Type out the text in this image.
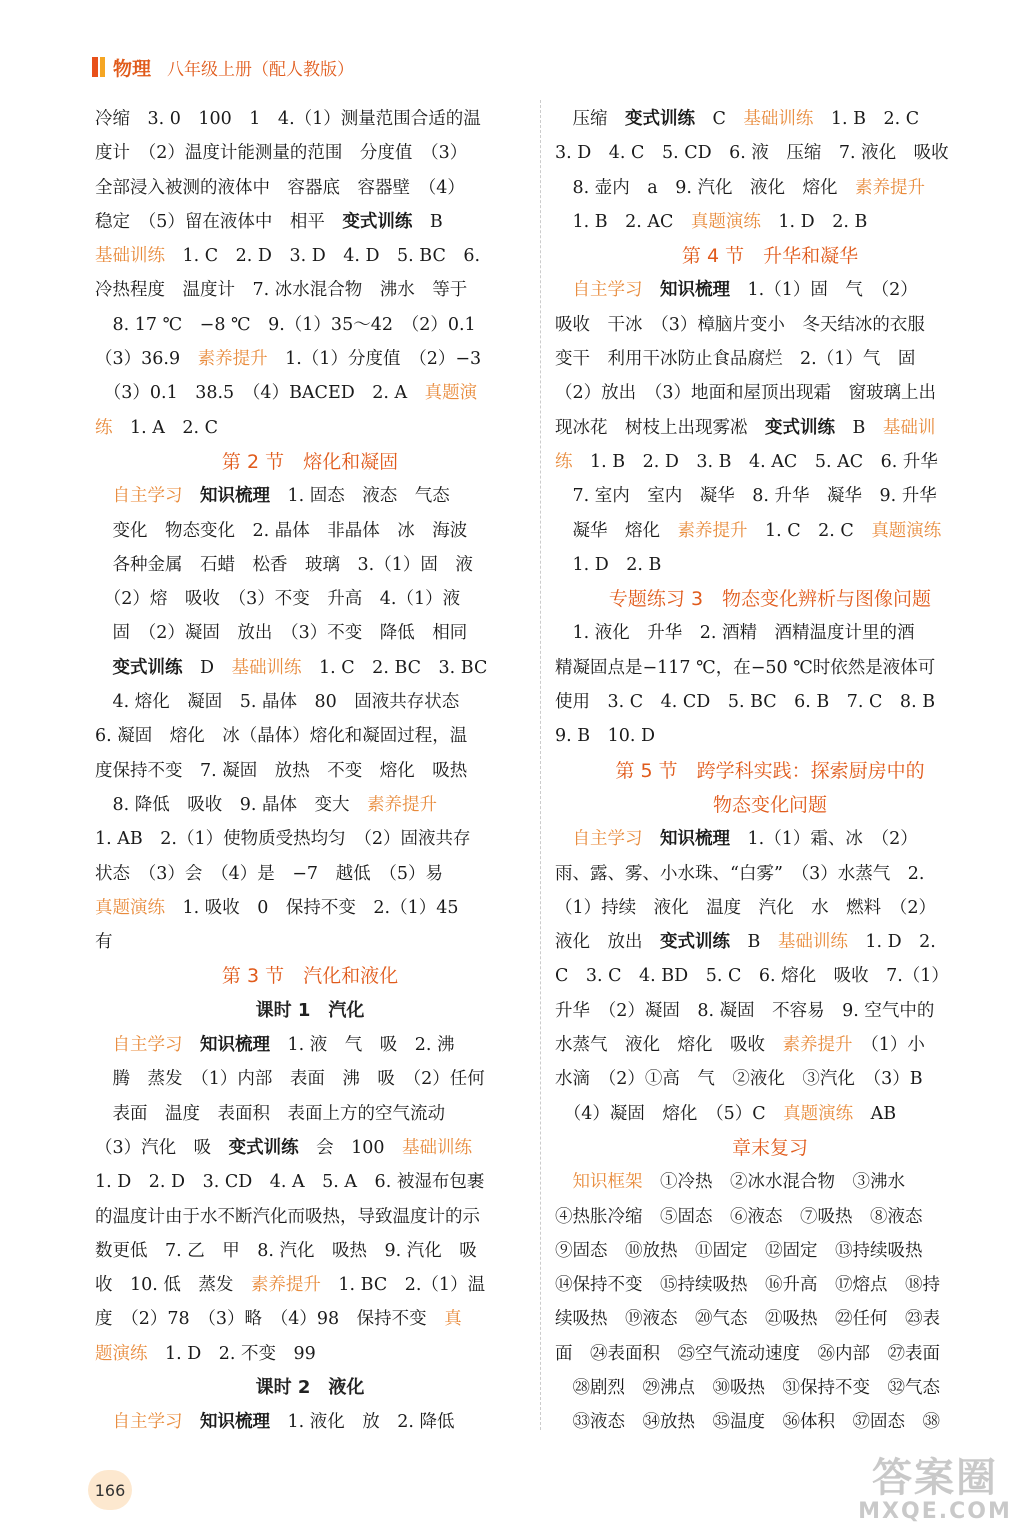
物理 八年级上册（配人教版）
冷缩　3. 0　100　1　4.（1）测量范围合适的温
度计　（2）温度计能测量的范围　分度值　（3）
全部浸入被测的液体中　容器底　容器壁　（4）
稳定　（5）留在液体中　相平　变式训练　B
基础训练　1. C　2. D　3. D　4. D　5. BC　6.
冷热程度　温度计　7. 冰水混合物　沸水　等于
　8. 17 ℃　−8 ℃　9.（1）35～42　（2）0.1
（3）36.9　素养提升　1.（1）分度值　（2）−3
　（3）0.1　38.5　（4）BACED　2. A　真题演
练　1. A　2. C
第 2 节　熔化和凝固
　自主学习　 知识梳理　1. 固态　液态　气态
　变化　物态变化　2. 晶体　非晶体　冰　海波
　各种金属　石蜡　松香　玻璃　3.（1）固　液
　（2）熔　吸收　（3）不变　升高　4.（1）液
　固　（2）凝固　放出　（3）不变　降低　相同
　变式训练　D　基础训练　1. C　2. BC　3. BC
　4. 熔化　凝固　5. 晶体　80　固液共存状态
6. 凝固　熔化　冰（晶体）熔化和凝固过程，温
度保持不变　7. 凝固　放热　不变　熔化　吸热
　8. 降低　吸收　9. 晶体　变大　素养提升
1. AB　2.（1）使物质受热均匀　（2）固液共存
状态　（3）会　（4）是　−7　越低　（5）易
真题演练　1. 吸收　0　保持不变　2.（1）45
有
第 3 节　汽化和液化
课时 1　汽化
　自主学习　 知识梳理　1. 液　气　吸　2. 沸
　腾　蒸发　（1）内部　表面　沸　吸　（2）任何
　表面　温度　表面积　表面上方的空气流动
（3）汽化　吸　变式训练　会　100　基础训练
1. D　2. D　3. CD　4. A　5. A　6. 被湿布包裹
的温度计由于水不断汽化而吸热，导致温度计的示
数更低　7. 乙　甲　8. 汽化　吸热　9. 汽化　吸
收　10. 低　蒸发　素养提升　1. BC　2.（1）温
度　（2）78　（3）略　（4）98　保持不变　真
题演练　1. D　2. 不变　99
课时 2　液化
　自主学习　 知识梳理　1. 液化　放　2. 降低
　压缩　变式训练　C　基础训练　1. B　2. C
3. D　4. C　5. CD　6. 液　压缩　7. 液化　吸收
　8. 壶内　a　9. 汽化　液化　熔化　素养提升
　1. B　2. AC　真题演练　1. D　2. B
第 4 节　升华和凝华
　自主学习　 知识梳理　1.（1）固　气　（2）
吸收　干冰　（3）樟脑片变小　冬天结冰的衣服
变干　利用干冰防止食品腐烂　2.（1）气　固
（2）放出　（3）地面和屋顶出现霜　窗玻璃上出
现冰花　树枝上出现雾凇　变式训练　B　基础训
练　1. B　2. D　3. B　4. AC　5. AC　6. 升华
　7. 室内　室内　凝华　8. 升华　凝华　9. 升华
　凝华　熔化　素养提升　1. C　2. C　真题演练
　1. D　2. B
专题练习 3　物态变化辨析与图像问题
　1. 液化　升华　2. 酒精　酒精温度计里的酒
精凝固点是−117 ℃，在−50 ℃时依然是液体可
使用　3. C　4. CD　5. BC　6. B　7. C　8. B
9. B　10. D
第 5 节　跨学科实践：探索厨房中的
物态变化问题
　自主学习　 知识梳理　1.（1）霜、冰　（2）
雨、露、雾、小水珠、“白雾”　（3）水蒸气　2.
（1）持续　液化　温度　汽化　水　燃料　（2）
液化　放出　变式训练　B　基础训练　1. D　2.
C　3. C　4. BD　5. C　6. 熔化　吸收　7.（1）
升华　（2）凝固　8. 凝固　不容易　9. 空气中的
水蒸气　液化　熔化　吸收　素养提升　（1）小
水滴　（2）①高　气　②液化　③汽化　（3）B
　（4）凝固　熔化　（5）C　真题演练　AB
章末复习
　知识框架　①冷热　②冰水混合物　③沸水
④热胀冷缩　⑤固态　⑥液态　⑦吸热　⑧液态
⑨固态　⑩放热　⑪固定　⑫固定　⑬持续吸热
⑭保持不变　⑮持续吸热　⑯升高　⑰熔点　⑱持
续吸热　⑲液态　⑳气态　㉑吸热　㉒任何　㉓表
面　㉔表面积　㉕空气流动速度　㉖内部　㉗表面
　㉘剧烈　㉙沸点　㉚吸热　㉛保持不变　㉜气态
　㉝液态　㉞放热　㉟温度　㊱体积　㊲固态　㊳
166	答案圈
MXQE.COM
